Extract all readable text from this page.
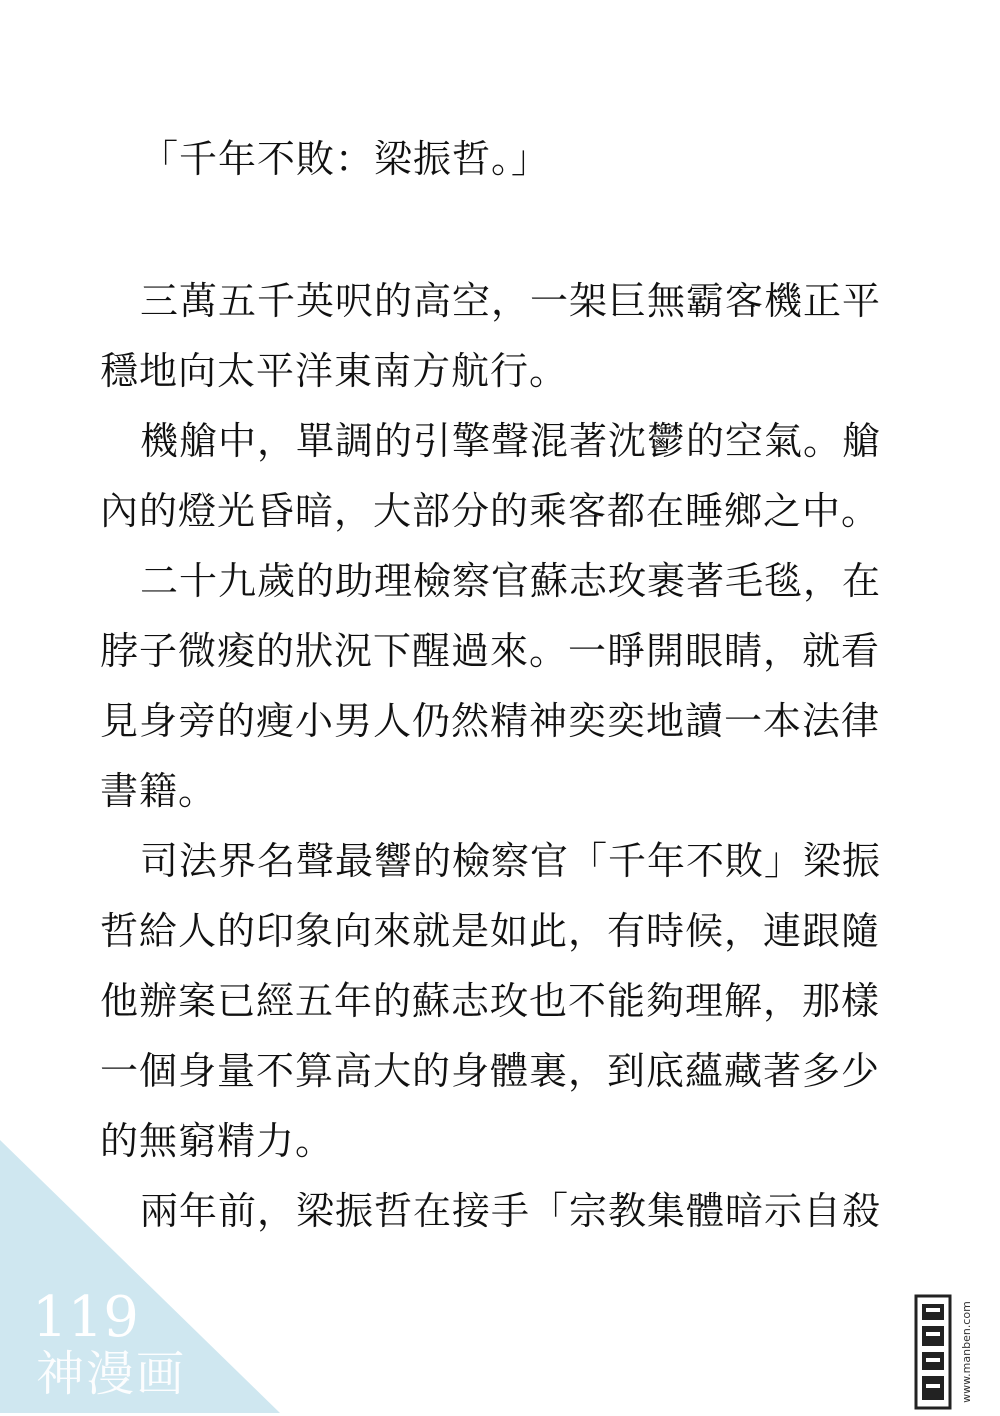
「千年不敗：梁振哲。」
三萬五千英呎的高空，一架巨無霸客機正平
穩地向太平洋東南方航行。
機艙中，單調的引擎聲混著沈鬱的空氣。艙
內的燈光昏暗，大部分的乘客都在睡鄉之中。
二十九歲的助理檢察官蘇志玫裹著毛毯，在
脖子微痠的狀況下醒過來。一睜開眼睛，就看
見身旁的瘦小男人仍然精神奕奕地讀一本法律
書籍。
司法界名聲最響的檢察官「千年不敗」梁振
哲給人的印象向來就是如此，有時候，連跟隨
他辦案已經五年的蘇志玫也不能夠理解，那樣
一個身量不算高大的身體裏，到底蘊藏著多少
的無窮精力。
兩年前，梁振哲在接手「宗教集體暗示自殺
119
神漫画	www.manben.com
